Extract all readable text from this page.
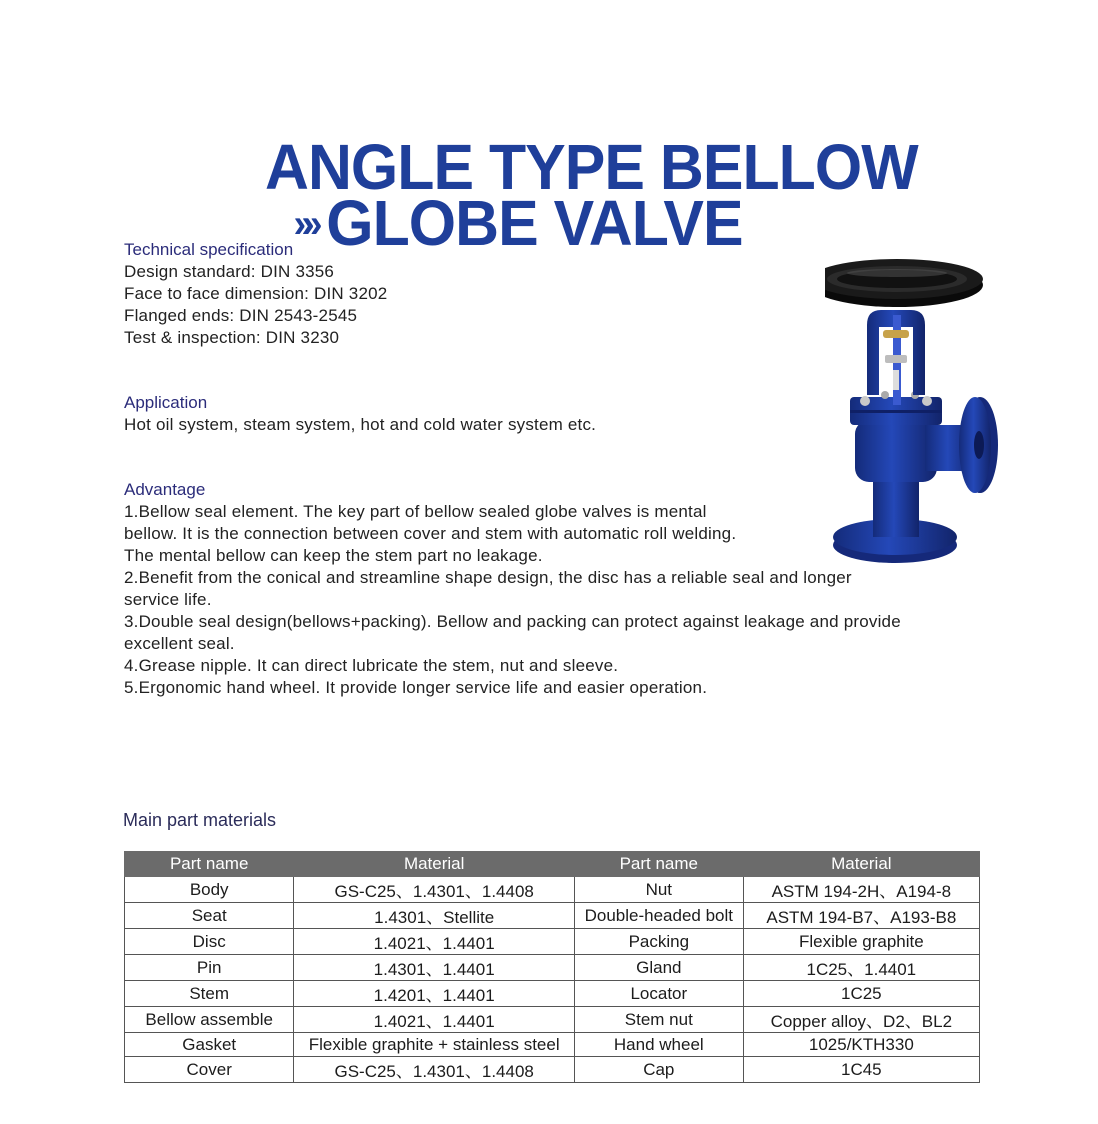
ANGLE TYPE BELLOW
»» GLOBE VALVE
Technical specification
Design standard: DIN 3356
Face to face dimension: DIN 3202
Flanged ends: DIN 2543-2545
Test & inspection: DIN 3230
Application
Hot oil system, steam system, hot and cold water system etc.
Advantage
1.Bellow seal element. The key part of bellow sealed globe valves is mental
bellow. It is the connection between cover and stem with automatic roll welding.
The mental bellow can keep the stem part no leakage.
2.Benefit from the conical and streamline shape design, the disc has a reliable seal and longer
service life.
3.Double seal design(bellows+packing). Bellow and packing can protect against leakage and provide
excellent seal.
4.Grease nipple. It can direct lubricate the stem, nut and sleeve.
5.Ergonomic hand wheel. It provide longer service life and easier operation.
Main part materials
Part name	Material	Part name	Material
Body	GS-C25、1.4301、1.4408	Nut	ASTM 194-2H、A194-8
Seat	1.4301、Stellite	Double-headed bolt	ASTM 194-B7、A193-B8
Disc	1.4021、1.4401	Packing	Flexible graphite
Pin	1.4301、1.4401	Gland	1C25、1.4401
Stem	1.4201、1.4401	Locator	1C25
Bellow assemble	1.4021、1.4401	Stem nut	Copper alloy、D2、BL2
Gasket	Flexible graphite + stainless steel	Hand wheel	1025/KTH330
Cover	GS-C25、1.4301、1.4408	Cap	1C45
